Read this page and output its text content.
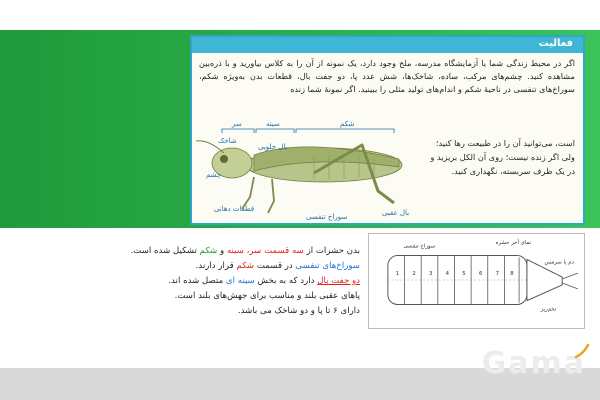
فعالیت
اگر در محیط زندگی شما یا آزمایشگاه مدرسه، ملخ وجود دارد، یک نمونه از آن را به کلاس بیاورید و با ذره‌بین مشاهده کنید. چشم‌های مرکب، ساده، شاخک‌ها، شش عدد پا، دو جفت بال، قطعات بدن به‌ویژه شکم، سوراخ‌های تنفسی در ناحیهٔ شکم و اندام‌های تولید مثلی را ببینید. اگر نمونهٔ شما زنده
است، می‌توانید آن را در طبیعت رها کنید؛ ولی اگر زنده نیست؛ روی آن الکل بریزید و در یک ظرف سربسته، نگهداری کنید.
سر	سینه	شکم
شاخک
بال جلویی
چشم
قطعات دهانی
سوراخ تنفسی	بال عقبی
سوراخ تنفسی
نمای آخر حشره
دم یا سرمس
تخم‌ریز
1 2 3 4 5 6 7 8

بدن حشرات از سه قسمت سر، سینه و شکم تشکیل شده است.

سوراخ‌های تنفسی در قسمت شکم قرار دارند.

دو جفت بال دارد که به بخش سینه ای متصل شده اند.

پاهای عقبی بلند و مناسب برای جهش‌های بلند است.

دارای ۶ تا پا و دو شاخک می باشد.

Gama
